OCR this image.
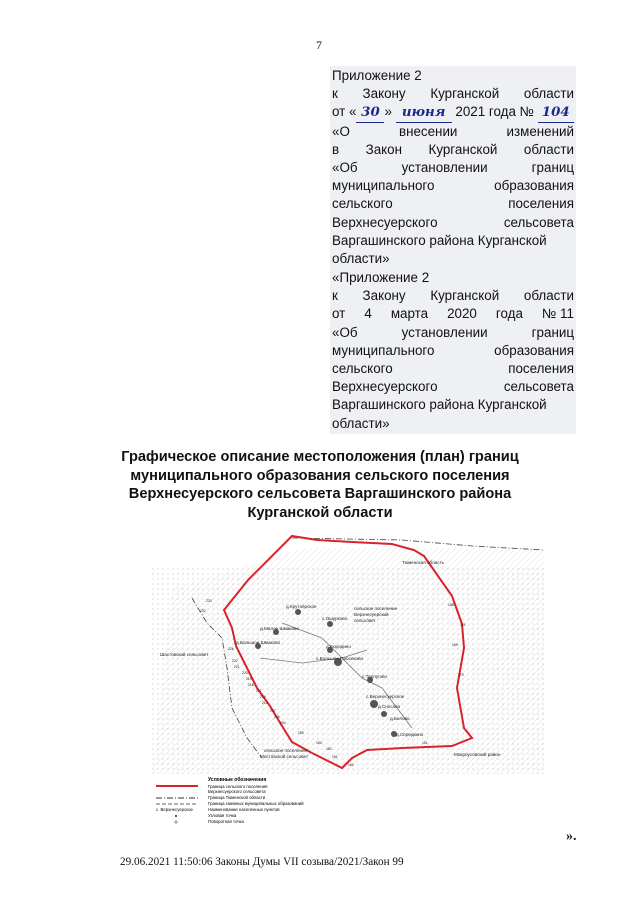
7
Приложение 2
к Закону Курганской области
от « 30 »
июня
2021 года №
104
«О	внесении	изменений
в Закон Курганской области
«Об	установлении	границ
муниципального	образования
сельского	поселения
Верхнесуерского	сельсовета
Варгашинского района Курганской
области»
«Приложение 2
к Закону Курганской области
от 4 марта 2020 года № 11
«Об	установлении	границ
муниципального	образования
сельского	поселения
Верхнесуерского	сельсовета
Варгашинского района Курганской
области»
Графическое описание местоположения (план) границ
муниципального образования сельского поселения
Верхнесуерского сельсовета Варгашинского района
Курганской области
Тюменская область
д.Крутоярское
с.Ошурково
сельское поселение
Верхнесуерский
сельсовет
д.Малое Шмаково
д.Большое Шмаково
д.Бородино
с.Большое Просеково
Шастовский сельсовет
с.Терпугово
с.Верхнесуерское
д.Сносово
д.Белово
д.Середкино
сельское поселение
Мостовской сельсовет	Мокроусовский район
233
232
226
222
221
220
219
218
217
216
213
207
206
204
189
183
182
181
160
151
173
169
168
115
Условные обозначения
Граница сельского поселения
Верхнесуерского сельсовета
Граница Тюменской области
Граница смежных муниципальных образований
с. Верхнесуерское	Наименование населенных пунктов
Узловая точка
Поворотная точка
».
29.06.2021 11:50:06 Законы Думы VII созыва/2021/Закон 99
